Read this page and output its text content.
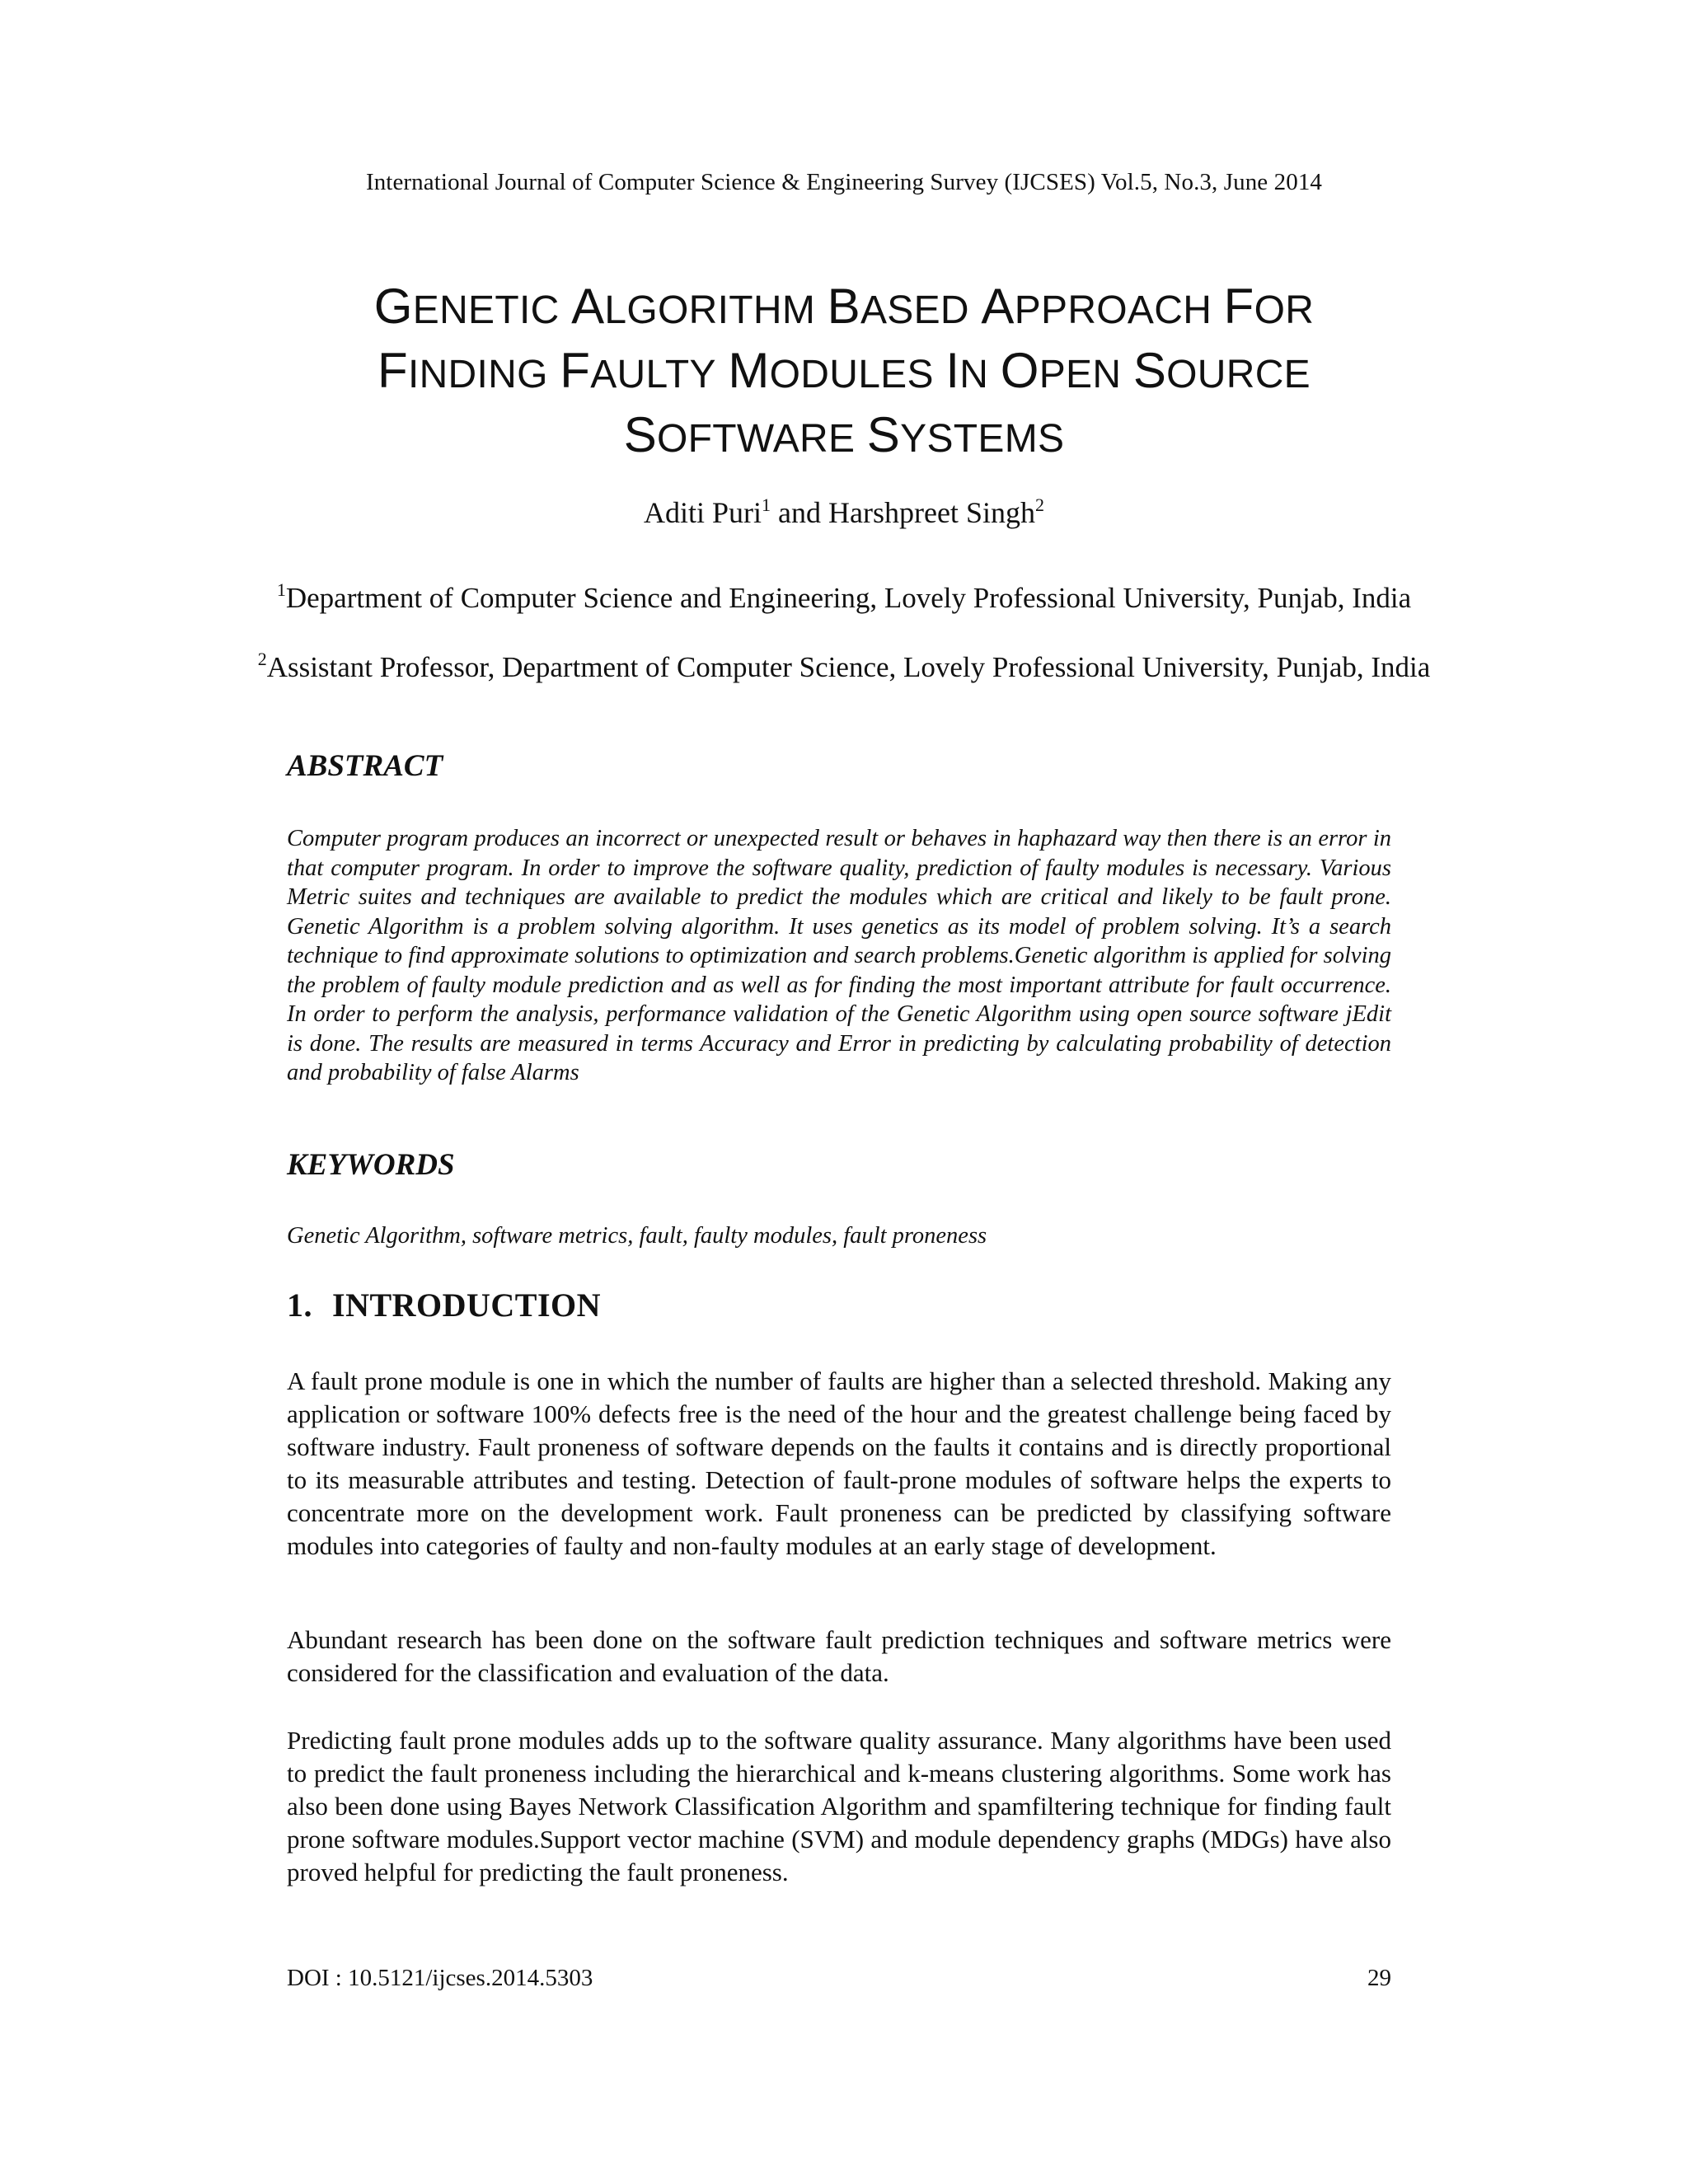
International Journal of Computer Science & Engineering Survey (IJCSES) Vol.5, No.3, June 2014
GENETIC ALGORITHM BASED APPROACH FOR
FINDING FAULTY MODULES IN OPEN SOURCE
SOFTWARE SYSTEMS
Aditi Puri$^1$ and Harshpreet Singh$^2$
$^1$Department of Computer Science and Engineering, Lovely Professional University, Punjab, India
$^2$Assistant Professor, Department of Computer Science, Lovely Professional University, Punjab, India
ABSTRACT
Computer program produces an incorrect or unexpected result or behaves in haphazard way then there is an error in that computer program. In order to improve the software quality, prediction of faulty modules is necessary. Various Metric suites and techniques are available to predict the modules which are critical and likely to be fault prone. Genetic Algorithm is a problem solving algorithm. It uses genetics as its model of problem solving. It’s a search technique to find approximate solutions to optimization and search problems.Genetic algorithm is applied for solving the problem of faulty module prediction and as well as for finding the most important attribute for fault occurrence. In order to perform the analysis, performance validation of the Genetic Algorithm using open source software jEdit is done. The results are measured in terms Accuracy and Error in predicting by calculating probability of detection and probability of false Alarms
KEYWORDS
Genetic Algorithm, software metrics, fault, faulty modules, fault proneness
1. INTRODUCTION
A fault prone module is one in which the number of faults are higher than a selected threshold. Making any application or software 100% defects free is the need of the hour and the greatest challenge being faced by software industry. Fault proneness of software depends on the faults it contains and is directly proportional to its measurable attributes and testing. Detection of fault-prone modules of software helps the experts to concentrate more on the development work. Fault proneness can be predicted by classifying software modules into categories of faulty and non-faulty modules at an early stage of development.
Abundant research has been done on the software fault prediction techniques and software metrics were considered for the classification and evaluation of the data.
Predicting fault prone modules adds up to the software quality assurance. Many algorithms have been used to predict the fault proneness including the hierarchical and k-means clustering algorithms. Some work has also been done using Bayes Network Classification Algorithm and spamfiltering technique for finding fault prone software modules.Support vector machine (SVM) and module dependency graphs (MDGs) have also proved helpful for predicting the fault proneness.
DOI : 10.5121/ijcses.2014.5303	29
